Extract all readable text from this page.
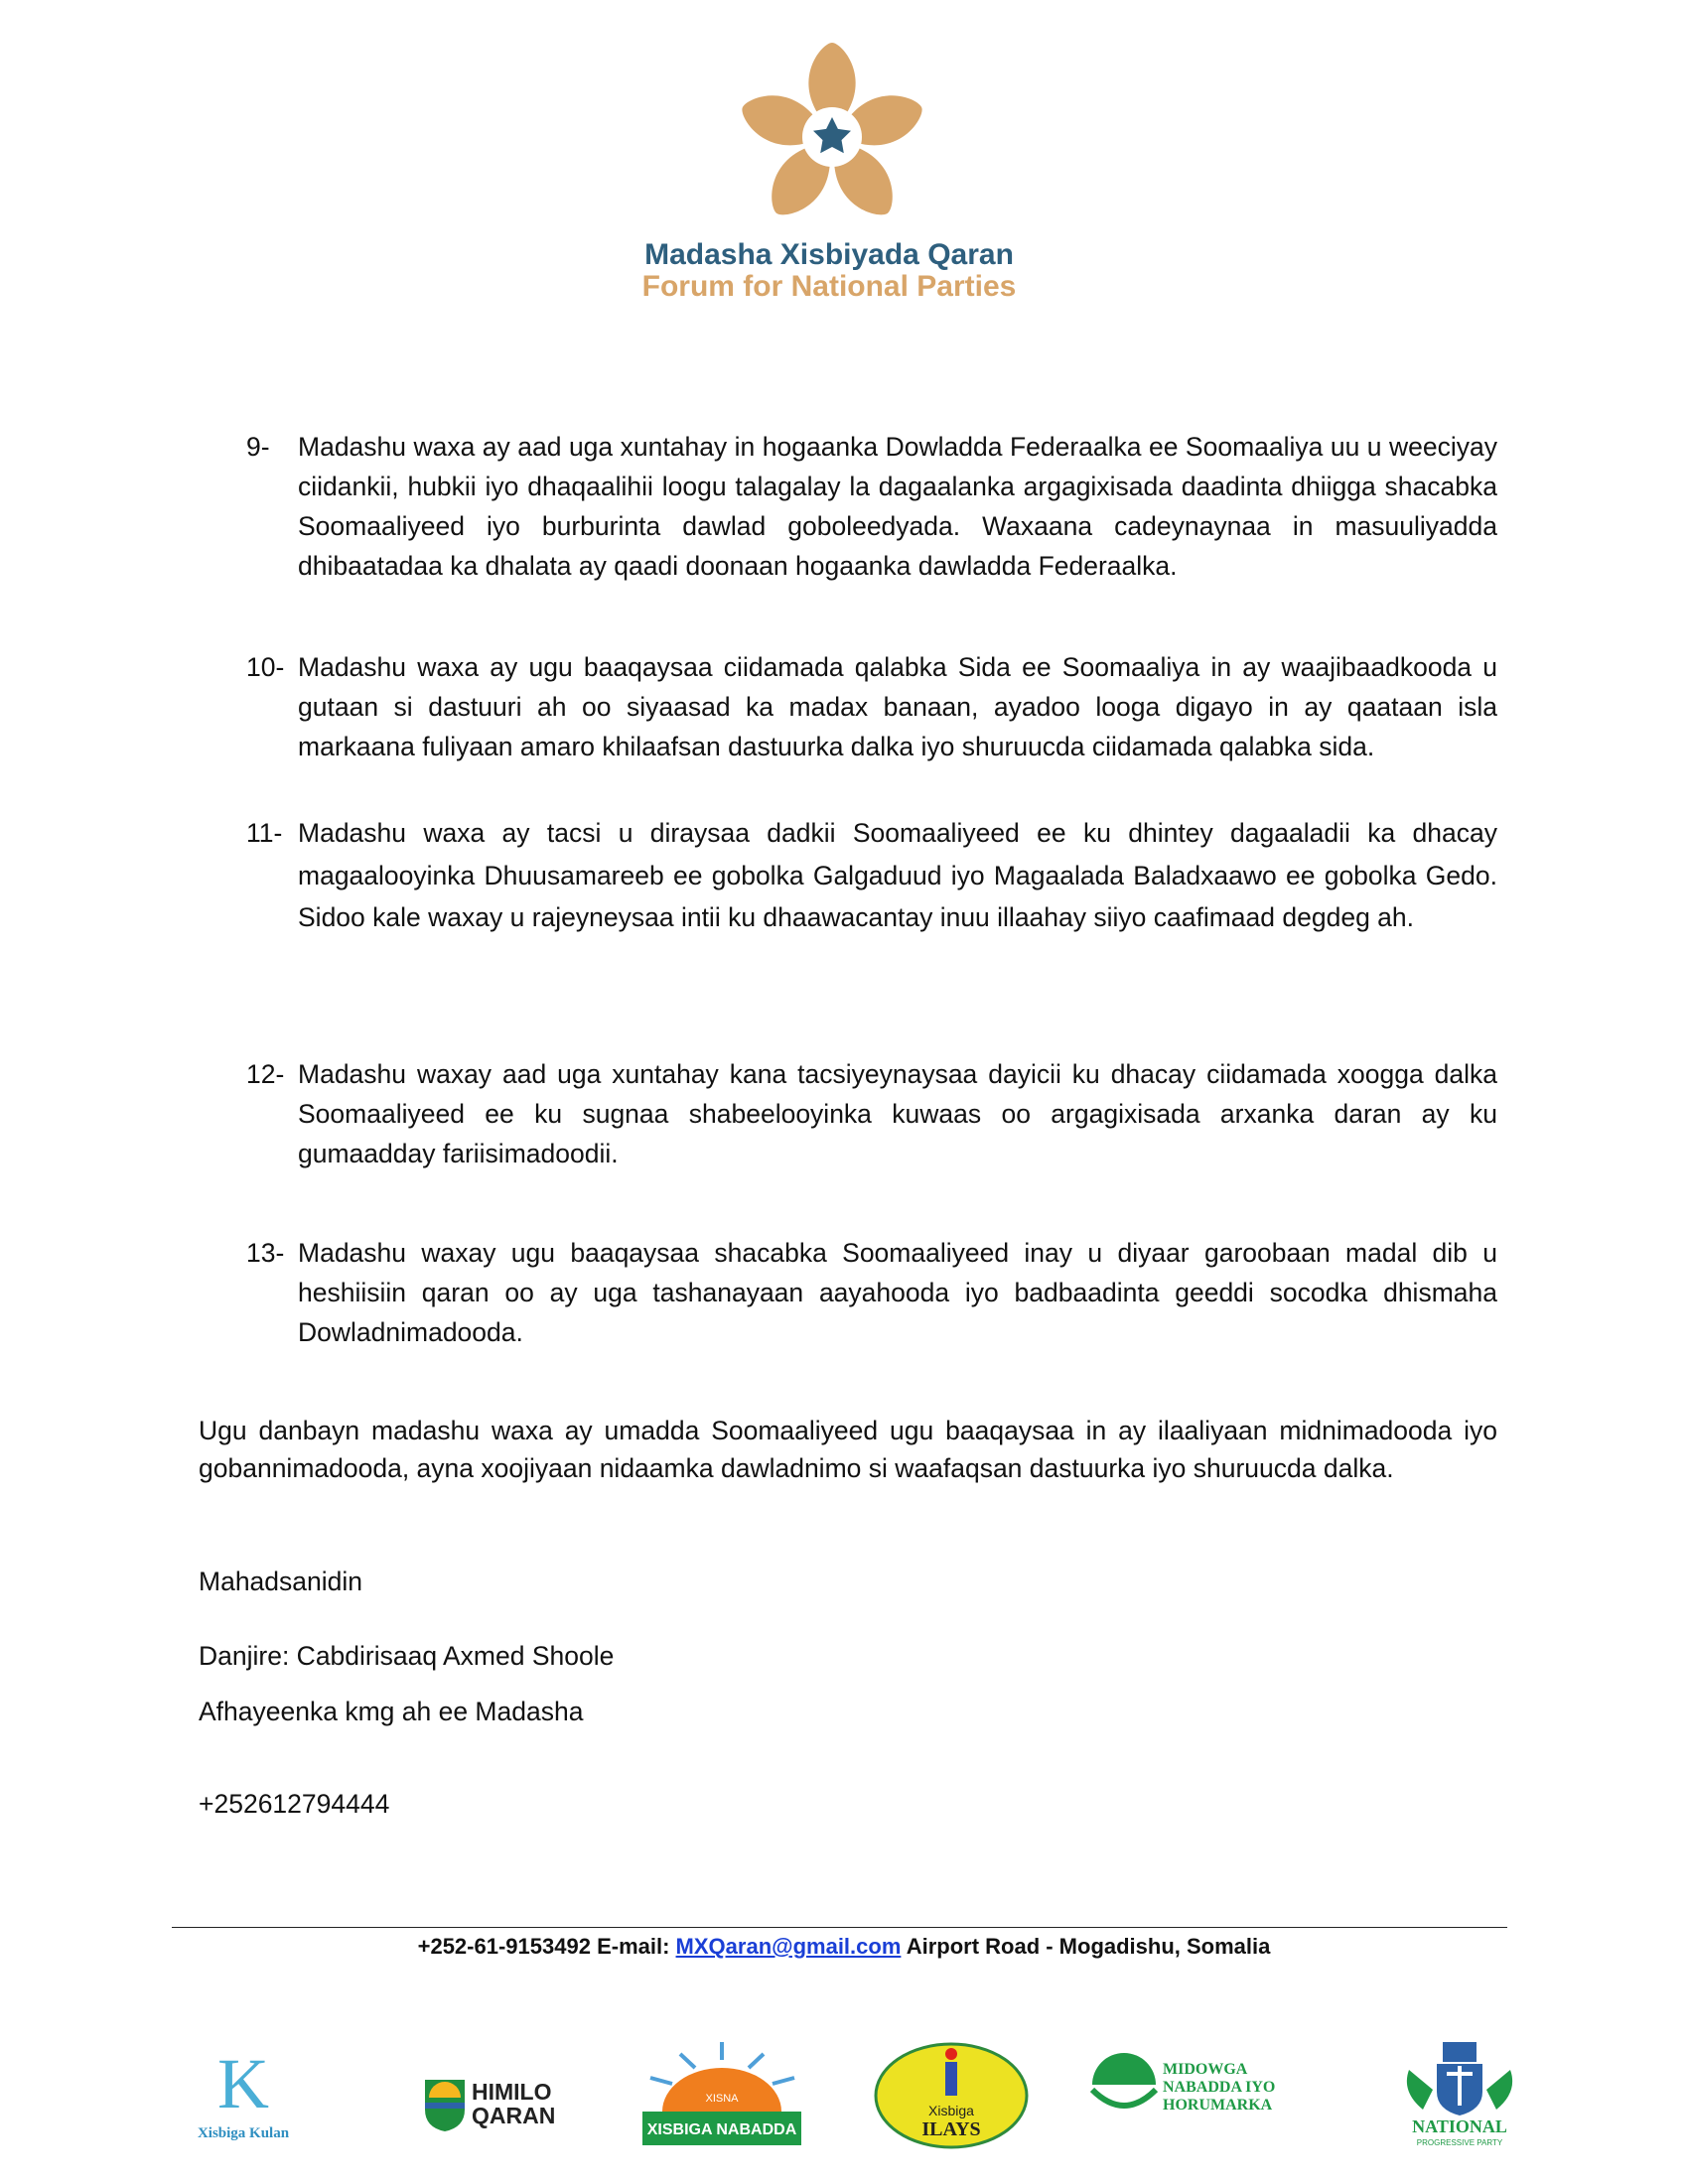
Madasha Xisbiyada Qaran
Forum for National Parties
9-	Madashu waxa ay aad uga xuntahay in hogaanka Dowladda Federaalka ee Soomaaliya uu u weeciyay ciidankii, hubkii iyo dhaqaalihii loogu talagalay la dagaalanka argagixisada daadinta dhiigga shacabka Soomaaliyeed iyo burburinta dawlad goboleedyada. Waxaana cadeynaynaa in masuuliyadda dhibaatadaa ka dhalata ay qaadi doonaan hogaanka dawladda Federaalka.
10- Madashu waxa ay ugu baaqaysaa ciidamada qalabka Sida ee Soomaaliya in ay waajibaadkooda u gutaan si dastuuri ah oo siyaasad ka madax banaan, ayadoo looga digayo in ay qaataan isla markaana fuliyaan amaro khilaafsan dastuurka dalka iyo shuruucda ciidamada qalabka sida.
11- Madashu waxa ay tacsi u diraysaa dadkii Soomaaliyeed ee ku dhintey dagaaladii ka dhacay magaalooyinka Dhuusamareeb ee gobolka Galgaduud iyo Magaalada Baladxaawo ee gobolka Gedo. Sidoo kale waxay u rajeyneysaa intii ku dhaawacantay inuu illaahay siiyo caafimaad degdeg ah.
12- Madashu waxay aad uga xuntahay kana tacsiyeynaysaa dayicii ku dhacay ciidamada xoogga dalka Soomaaliyeed ee ku sugnaa shabeelooyinka kuwaas oo argagixisada arxanka daran ay ku gumaadday fariisimadoodii.
13- Madashu waxay ugu baaqaysaa shacabka Soomaaliyeed inay u diyaar garoobaan madal dib u heshiisiin qaran oo ay uga tashanayaan aayahooda iyo badbaadinta geeddi socodka dhismaha Dowladnimadooda.
Ugu danbayn madashu waxa ay umadda Soomaaliyeed ugu baaqaysaa in ay ilaaliyaan midnimadooda iyo gobannimadooda, ayna xoojiyaan nidaamka dawladnimo si waafaqsan dastuurka iyo shuruucda dalka.
Mahadsanidin
Danjire: Cabdirisaaq Axmed Shoole
Afhayeenka kmg ah ee Madasha
+252612794444
+252-61-9153492 E-mail: MXQaran@gmail.com Airport Road - Mogadishu, Somalia
K
Xisbiga Kulan
HIMILO
QARAN
XISNA
XISBIGA NABADDA
Xisbiga
ILAYS
MIDOWGA
NABADDA IYO
HORUMARKA
NATIONAL
PROGRESSIVE PARTY
